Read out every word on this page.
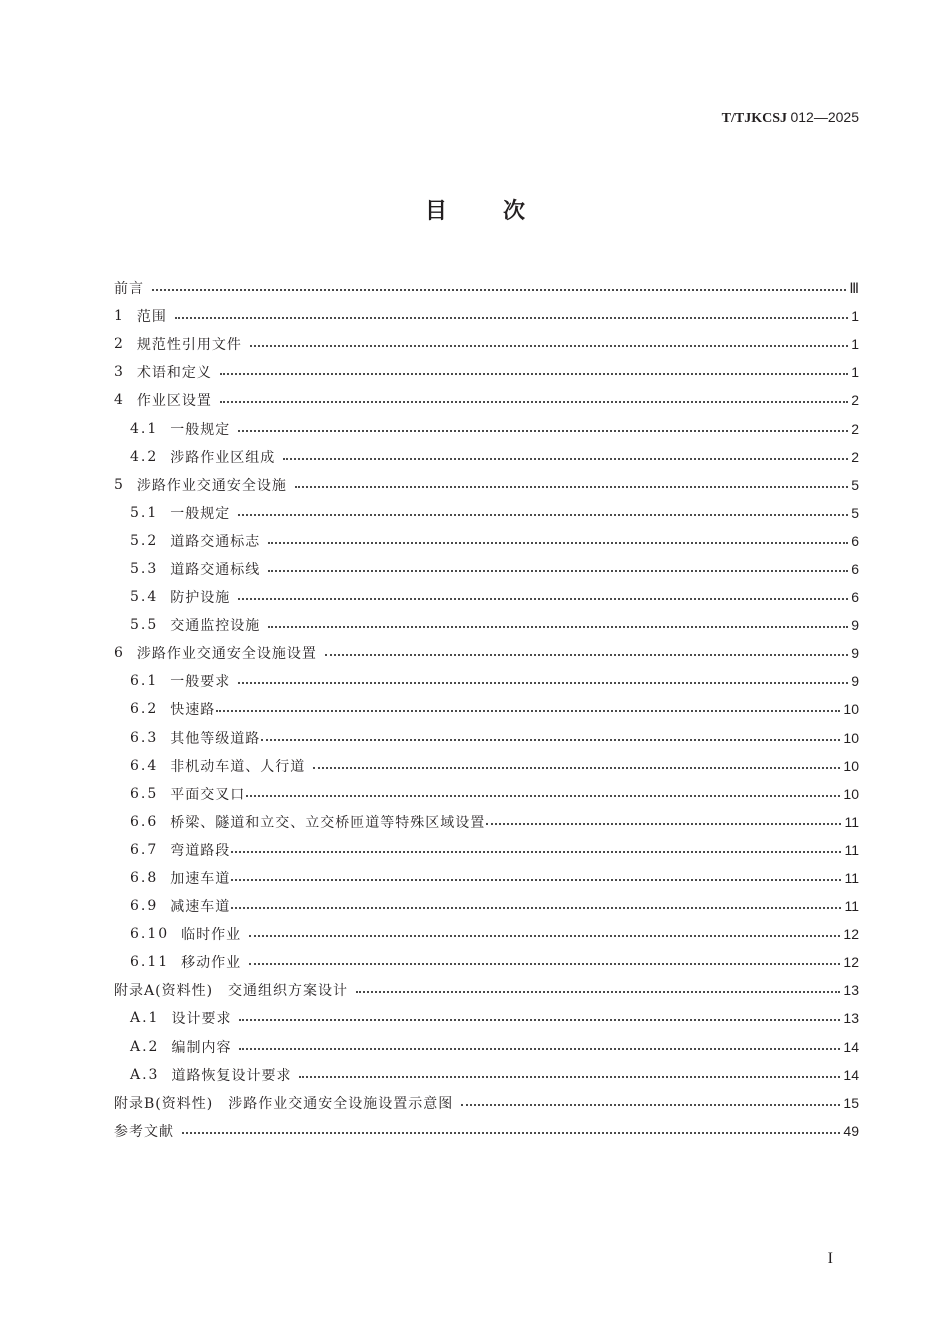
T/TJKCSJ 012—2025
目次
前言	Ⅲ
1 范围	1
2 规范性引用文件	1
3 术语和定义	1
4 作业区设置	2
4.1 一般规定	2
4.2 涉路作业区组成	2
5 涉路作业交通安全设施	5
5.1 一般规定	5
5.2 道路交通标志	6
5.3 道路交通标线	6
5.4 防护设施	6
5.5 交通监控设施	9
6 涉路作业交通安全设施设置	9
6.1 一般要求	9
6.2 快速路	10
6.3 其他等级道路	10
6.4 非机动车道、人行道	10
6.5 平面交叉口	10
6.6 桥梁、隧道和立交、立交桥匝道等特殊区域设置	11
6.7 弯道路段	11
6.8 加速车道	11
6.9 减速车道	11
6.10 临时作业	12
6.11 移动作业	12
附录A(资料性)　交通组织方案设计	13
A.1 设计要求	13
A.2 编制内容	14
A.3 道路恢复设计要求	14
附录B(资料性)　涉路作业交通安全设施设置示意图	15
参考文献	49
I
